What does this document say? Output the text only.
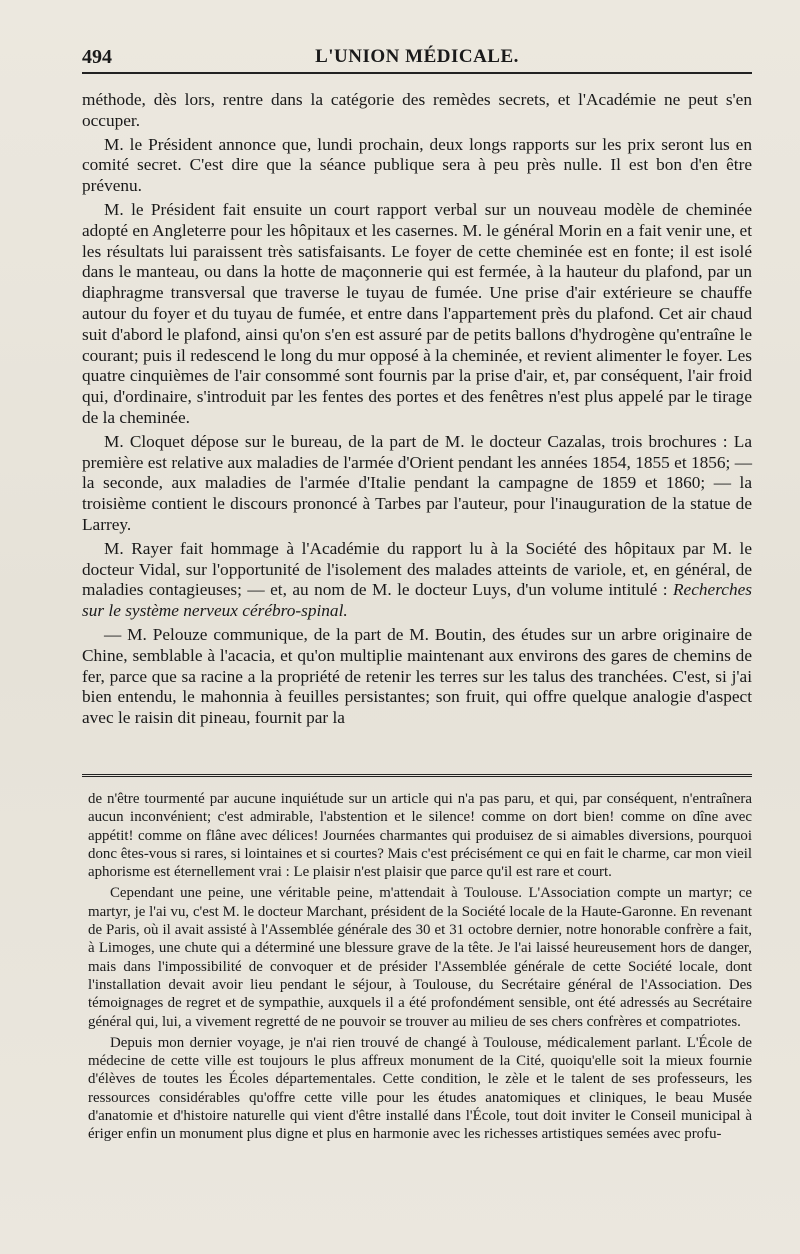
494	L'UNION MÉDICALE.

méthode, dès lors, rentre dans la catégorie des remèdes secrets, et l'Académie ne peut s'en occuper.

M. le Président annonce que, lundi prochain, deux longs rapports sur les prix seront lus en comité secret. C'est dire que la séance publique sera à peu près nulle. Il est bon d'en être prévenu.

M. le Président fait ensuite un court rapport verbal sur un nouveau modèle de cheminée adopté en Angleterre pour les hôpitaux et les casernes. M. le général Morin en a fait venir une, et les résultats lui paraissent très satisfaisants. Le foyer de cette cheminée est en fonte; il est isolé dans le manteau, ou dans la hotte de maçonnerie qui est fermée, à la hauteur du plafond, par un diaphragme transversal que traverse le tuyau de fumée. Une prise d'air extérieure se chauffe autour du foyer et du tuyau de fumée, et entre dans l'appartement près du plafond. Cet air chaud suit d'abord le plafond, ainsi qu'on s'en est assuré par de petits ballons d'hydrogène qu'entraîne le courant; puis il redescend le long du mur opposé à la cheminée, et revient alimenter le foyer. Les quatre cinquièmes de l'air consommé sont fournis par la prise d'air, et, par conséquent, l'air froid qui, d'ordinaire, s'introduit par les fentes des portes et des fenêtres n'est plus appelé par le tirage de la cheminée.

M. Cloquet dépose sur le bureau, de la part de M. le docteur Cazalas, trois brochures : La première est relative aux maladies de l'armée d'Orient pendant les années 1854, 1855 et 1856; — la seconde, aux maladies de l'armée d'Italie pendant la campagne de 1859 et 1860; — la troisième contient le discours prononcé à Tarbes par l'auteur, pour l'inauguration de la statue de Larrey.

M. Rayer fait hommage à l'Académie du rapport lu à la Société des hôpitaux par M. le docteur Vidal, sur l'opportunité de l'isolement des malades atteints de variole, et, en général, de maladies contagieuses; — et, au nom de M. le docteur Luys, d'un volume intitulé : Recherches sur le système nerveux cérébro-spinal.

— M. Pelouze communique, de la part de M. Boutin, des études sur un arbre originaire de Chine, semblable à l'acacia, et qu'on multiplie maintenant aux environs des gares de chemins de fer, parce que sa racine a la propriété de retenir les terres sur les talus des tranchées. C'est, si j'ai bien entendu, le mahonnia à feuilles persistantes; son fruit, qui offre quelque analogie d'aspect avec le raisin dit pineau, fournit par la

de n'être tourmenté par aucune inquiétude sur un article qui n'a pas paru, et qui, par conséquent, n'entraînera aucun inconvénient; c'est admirable, l'abstention et le silence! comme on dort bien! comme on dîne avec appétit! comme on flâne avec délices! Journées charmantes qui produisez de si aimables diversions, pourquoi donc êtes-vous si rares, si lointaines et si courtes? Mais c'est précisément ce qui en fait le charme, car mon vieil aphorisme est éternellement vrai : Le plaisir n'est plaisir que parce qu'il est rare et court.

Cependant une peine, une véritable peine, m'attendait à Toulouse. L'Association compte un martyr; ce martyr, je l'ai vu, c'est M. le docteur Marchant, président de la Société locale de la Haute-Garonne. En revenant de Paris, où il avait assisté à l'Assemblée générale des 30 et 31 octobre dernier, notre honorable confrère a fait, à Limoges, une chute qui a déterminé une blessure grave de la tête. Je l'ai laissé heureusement hors de danger, mais dans l'impossibilité de convoquer et de présider l'Assemblée générale de cette Société locale, dont l'installation devait avoir lieu pendant le séjour, à Toulouse, du Secrétaire général de l'Association. Des témoignages de regret et de sympathie, auxquels il a été profondément sensible, ont été adressés au Secrétaire général qui, lui, a vivement regretté de ne pouvoir se trouver au milieu de ses chers confrères et compatriotes.

Depuis mon dernier voyage, je n'ai rien trouvé de changé à Toulouse, médicalement parlant. L'École de médecine de cette ville est toujours le plus affreux monument de la Cité, quoiqu'elle soit la mieux fournie d'élèves de toutes les Écoles départementales. Cette condition, le zèle et le talent de ses professeurs, les ressources considérables qu'offre cette ville pour les études anatomiques et cliniques, le beau Musée d'anatomie et d'histoire naturelle qui vient d'être installé dans l'École, tout doit inviter le Conseil municipal à ériger enfin un monument plus digne et plus en harmonie avec les richesses artistiques semées avec profu-
